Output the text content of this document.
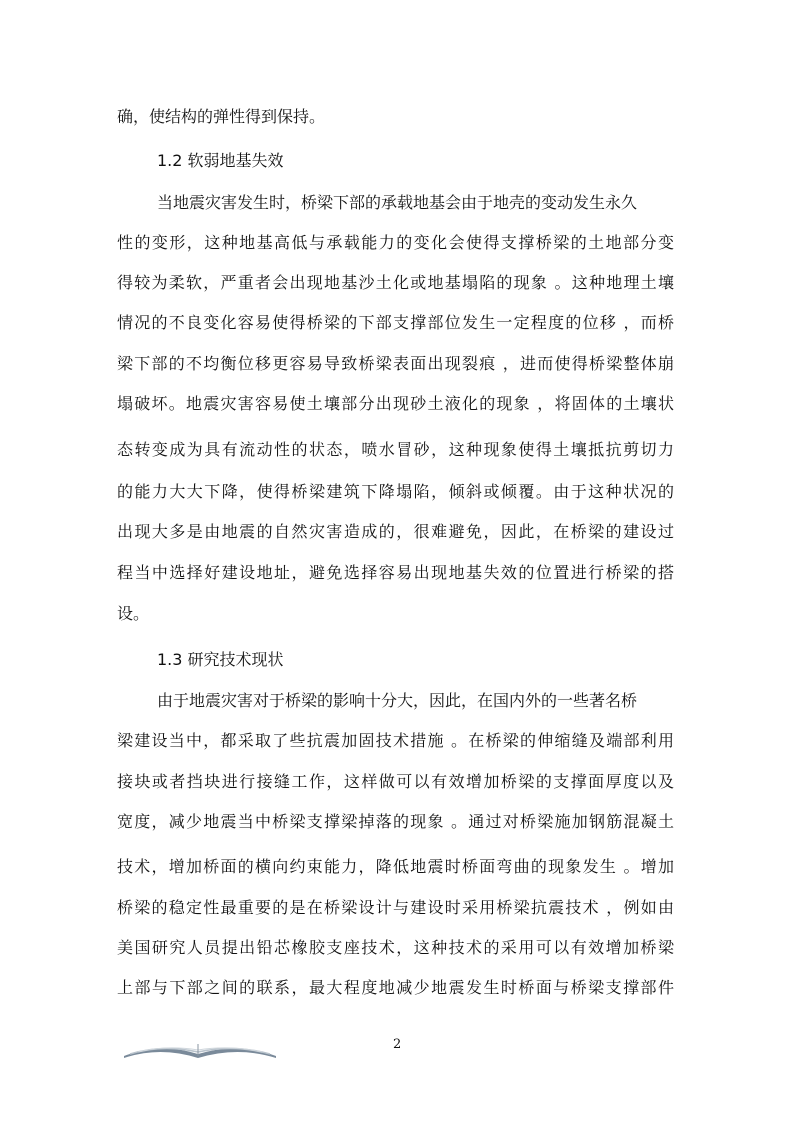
确，使结构的弹性得到保持。
1.2 软弱地基失效
当地震灾害发生时，桥梁下部的承载地基会由于地壳的变动发生永久
性的变形，这种地基高低与承载能力的变化会使得支撑桥梁的土地部分变
得较为柔软，严重者会出现地基沙土化或地基塌陷的现象 。这种地理土壤
情况的不良变化容易使得桥梁的下部支撑部位发生一定程度的位移 ，而桥
梁下部的不均衡位移更容易导致桥梁表面出现裂痕 ，进而使得桥梁整体崩
塌破坏。地震灾害容易使土壤部分出现砂土液化的现象 ，将固体的土壤状
态转变成为具有流动性的状态，喷水冒砂，这种现象使得土壤抵抗剪切力
的能力大大下降，使得桥梁建筑下降塌陷，倾斜或倾覆。由于这种状况的
出现大多是由地震的自然灾害造成的，很难避免，因此，在桥梁的建设过
程当中选择好建设地址，避免选择容易出现地基失效的位置进行桥梁的搭
设。
1.3 研究技术现状
由于地震灾害对于桥梁的影响十分大，因此，在国内外的一些著名桥
梁建设当中，都采取了些抗震加固技术措施 。在桥梁的伸缩缝及端部利用
接块或者挡块进行接缝工作，这样做可以有效增加桥梁的支撑面厚度以及
宽度，减少地震当中桥梁支撑梁掉落的现象 。通过对桥梁施加钢筋混凝土
技术，增加桥面的横向约束能力，降低地震时桥面弯曲的现象发生 。增加
桥梁的稳定性最重要的是在桥梁设计与建设时采用桥梁抗震技术 ，例如由
美国研究人员提出铅芯橡胶支座技术，这种技术的采用可以有效增加桥梁
上部与下部之间的联系，最大程度地减少地震发生时桥面与桥梁支撑部件
2
